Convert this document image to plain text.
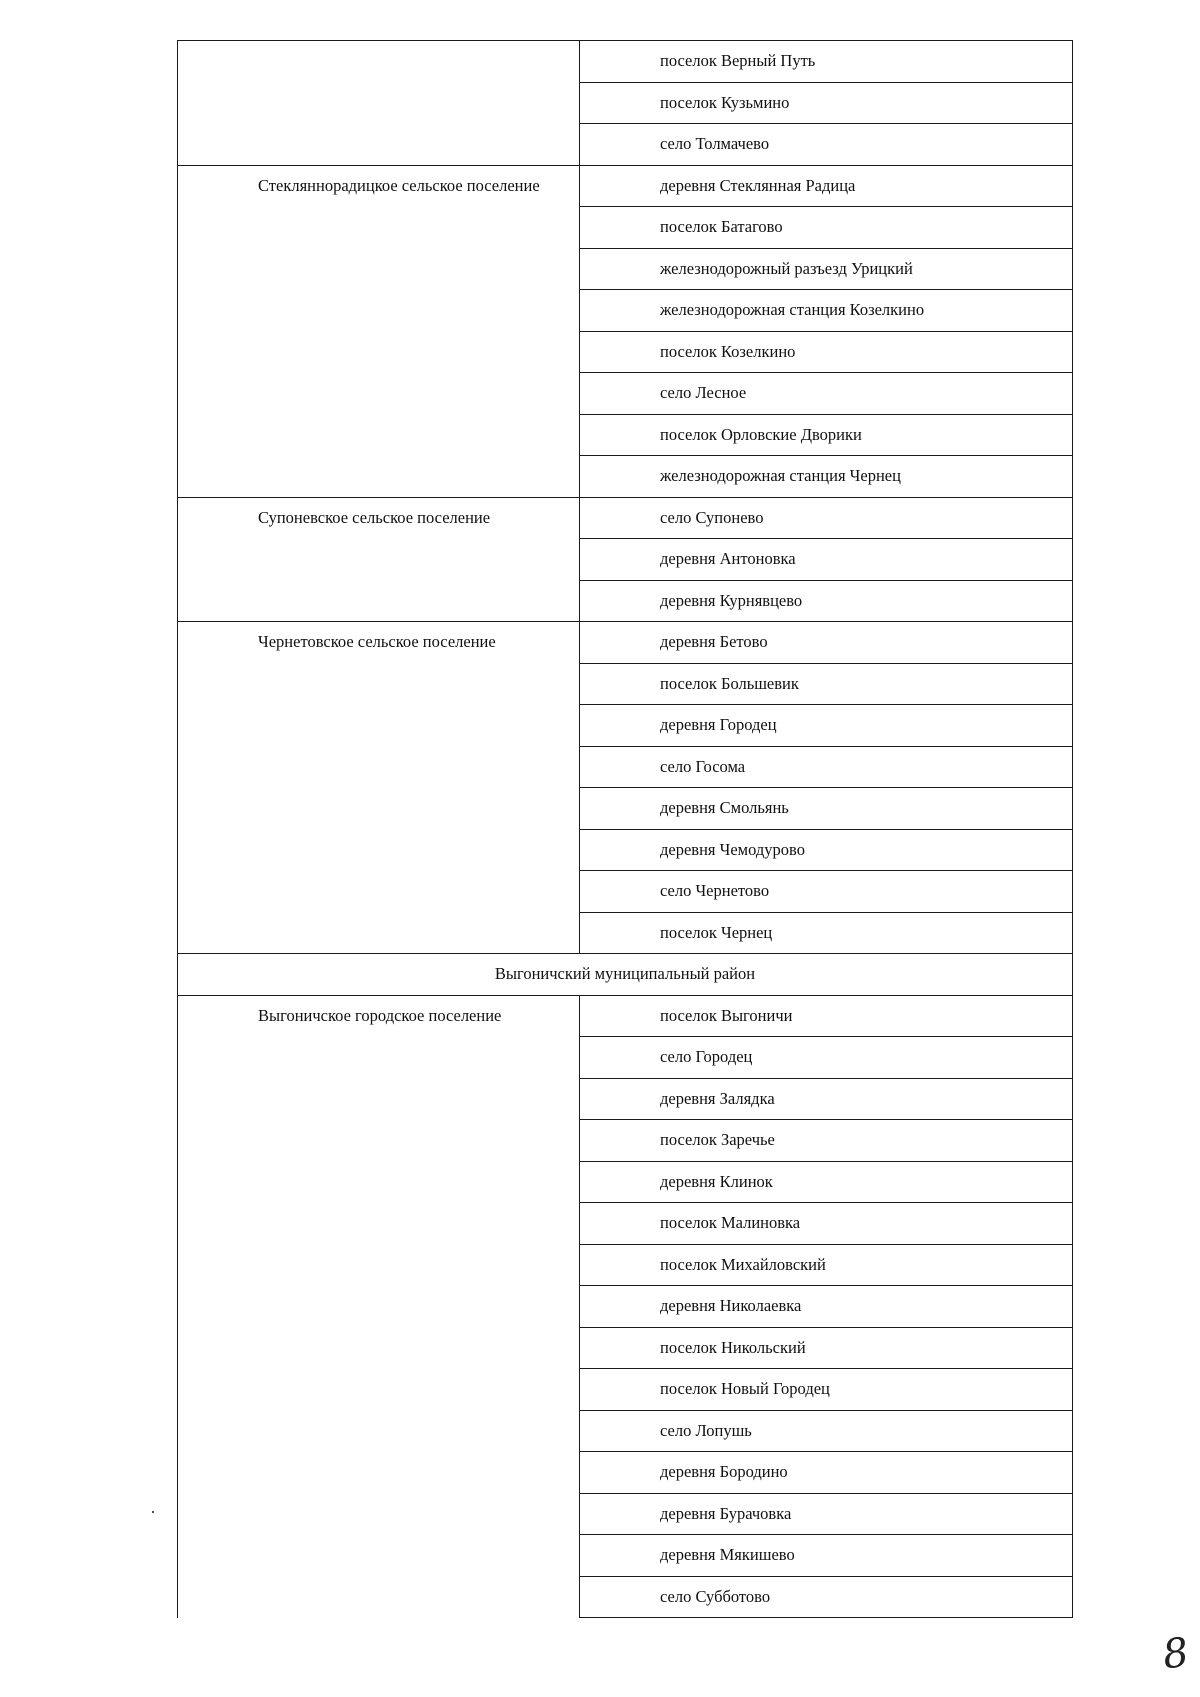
	поселок Верный Путь
	поселок Кузьмино
	село Толмачево
Стекляннорадицкое сельское поселение	деревня Стеклянная Радица
	поселок Батагово
	железнодорожный разъезд Урицкий
	железнодорожная станция Козелкино
	поселок Козелкино
	село Лесное
	поселок Орловские Дворики
	железнодорожная станция Чернец
Супоневское сельское поселение	село Супонево
	деревня Антоновка
	деревня Курнявцево
Чернетовское сельское поселение	деревня Бетово
	поселок Большевик
	деревня Городец
	село Госома
	деревня Смольянь
	деревня Чемодурово
	село Чернетово
	поселок Чернец
Выгоничский муниципальный район	
Выгоничское городское поселение	поселок Выгоничи
	село Городец
	деревня Залядка
	поселок Заречье
	деревня Клинок
	поселок Малиновка
	поселок Михайловский
	деревня Николаевка
	поселок Никольский
	поселок Новый Городец
	село Лопушь
	деревня Бородино
	деревня Бурачовка
	деревня Мякишево
	село Субботово
8
